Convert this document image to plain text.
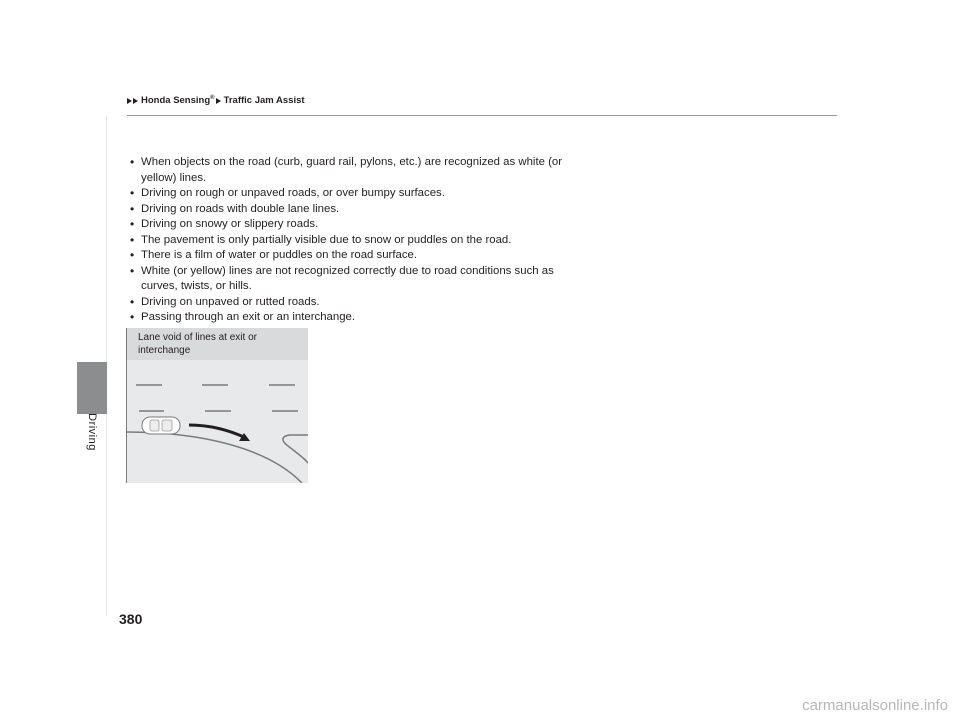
Driving
Honda Sensing® Traffic Jam Assist
• When objects on the road (curb, guard rail, pylons, etc.) are recognized as white (or yellow) lines.
• Driving on rough or unpaved roads, or over bumpy surfaces.
• Driving on roads with double lane lines.
• Driving on snowy or slippery roads.
• The pavement is only partially visible due to snow or puddles on the road.
• There is a film of water or puddles on the road surface.
• White (or yellow) lines are not recognized correctly due to road conditions such as curves, twists, or hills.
• Driving on unpaved or rutted roads.
• Passing through an exit or an interchange.
Lane void of lines at exit or
interchange
380
carmanualsonline.info
